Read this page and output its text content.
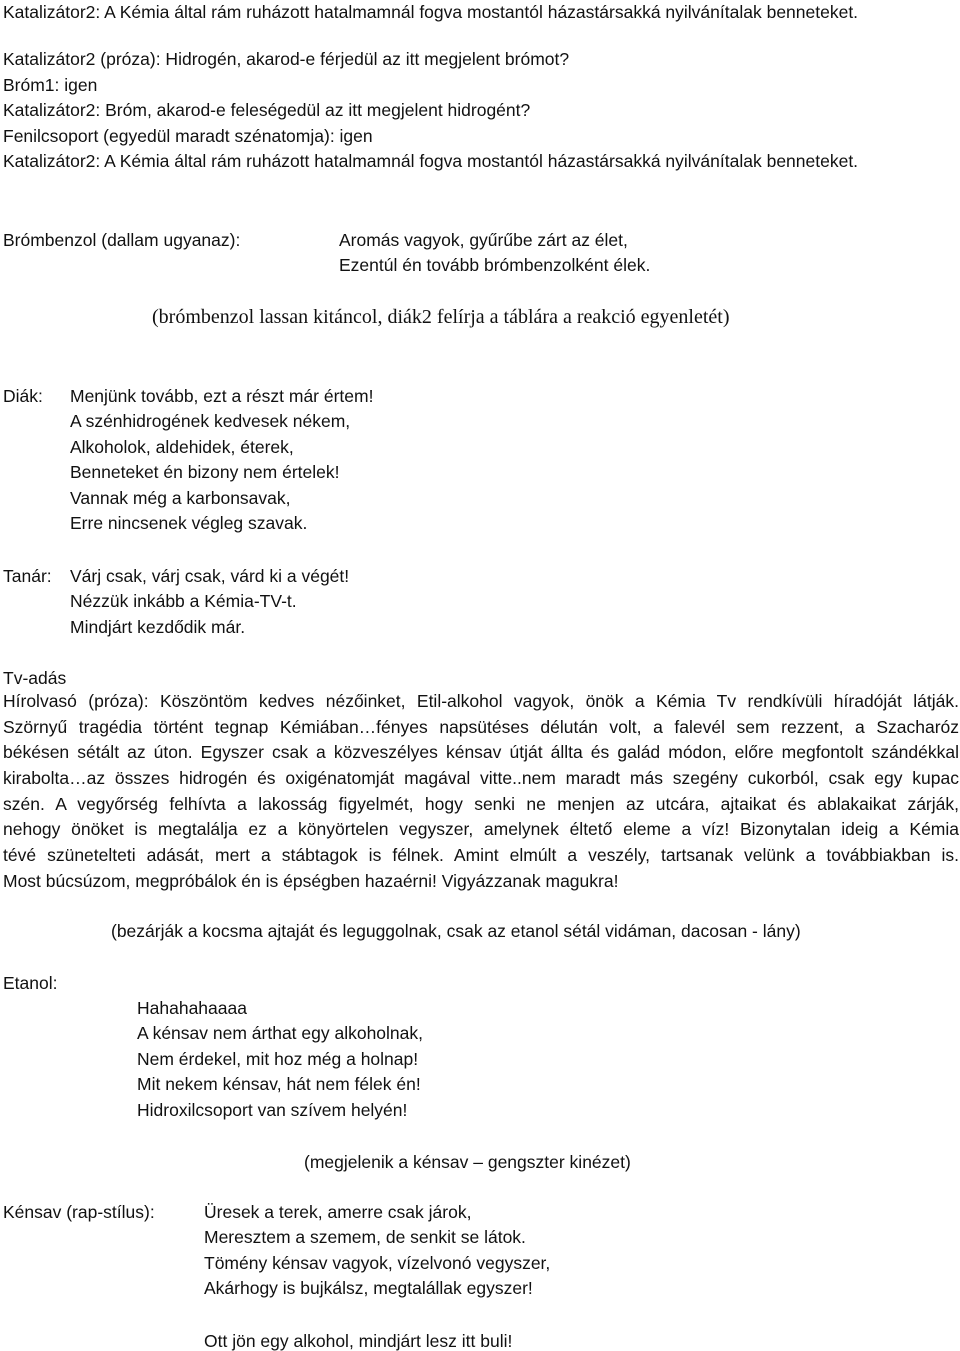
Katalizátor2: A Kémia által rám ruházott hatalmamnál fogva mostantól házastársakká nyilvánítalak benneteket.
Katalizátor2 (próza): Hidrogén, akarod-e férjedül az itt megjelent brómot?
Bróm1: igen
Katalizátor2: Bróm, akarod-e feleségedül az itt megjelent hidrogént?
Fenilcsoport (egyedül maradt szénatomja): igen
Katalizátor2: A Kémia által rám ruházott hatalmamnál fogva mostantól házastársakká nyilvánítalak benneteket.
Brómbenzol (dallam ugyanaz):	Aromás vagyok, gyűrűbe zárt az élet,
Ezentúl én tovább brómbenzolként élek.
(brómbenzol lassan kitáncol, diák2 felírja a táblára a reakció egyenletét)
Diák: Menjünk tovább, ezt a részt már értem!
A szénhidrogének kedvesek nékem,
Alkoholok, aldehidek, éterek,
Benneteket én bizony nem értelek!
Vannak még a karbonsavak,
Erre nincsenek végleg szavak.
Tanár: Várj csak, várj csak, várd ki a végét!
Nézzük inkább a Kémia-TV-t.
Mindjárt kezdődik már.
Tv-adás
Hírolvasó (próza): Köszöntöm kedves nézőinket, Etil-alkohol vagyok, önök a Kémia Tv rendkívüli híradóját látják.
Szörnyű tragédia történt tegnap Kémiában…fényes napsütéses délután volt, a falevél sem rezzent, a Szacharóz
békésen sétált az úton. Egyszer csak a közveszélyes kénsav útját állta és galád módon, előre megfontolt szándékkal
kirabolta…az összes hidrogén és oxigénatomját magával vitte..nem maradt más szegény cukorból, csak egy kupac
szén. A vegyőrség felhívta a lakosság figyelmét, hogy senki ne menjen az utcára, ajtaikat és ablakaikat zárják,
nehogy önöket is megtalálja ez a könyörtelen vegyszer, amelynek éltető eleme a víz! Bizonytalan ideig a Kémia
tévé szünetelteti adását, mert a stábtagok is félnek. Amint elmúlt a veszély, tartsanak velünk a továbbiakban is.
Most búcsúzom, megpróbálok én is épségben hazaérni! Vigyázzanak magukra!
(bezárják a kocsma ajtaját és leguggolnak, csak az etanol sétál vidáman, dacosan - lány)
Etanol:
Hahahahaaaa
A kénsav nem árthat egy alkoholnak,
Nem érdekel, mit hoz még a holnap!
Mit nekem kénsav, hát nem félek én!
Hidroxilcsoport van szívem helyén!
(megjelenik a kénsav – gengszter kinézet)
Kénsav (rap-stílus):	Üresek a terek, amerre csak járok,
Meresztem a szemem, de senkit se látok.
Tömény kénsav vagyok, vízelvonó vegyszer,
Akárhogy is bujkálsz, megtalállak egyszer!
Ott jön egy alkohol, mindjárt lesz itt buli!
